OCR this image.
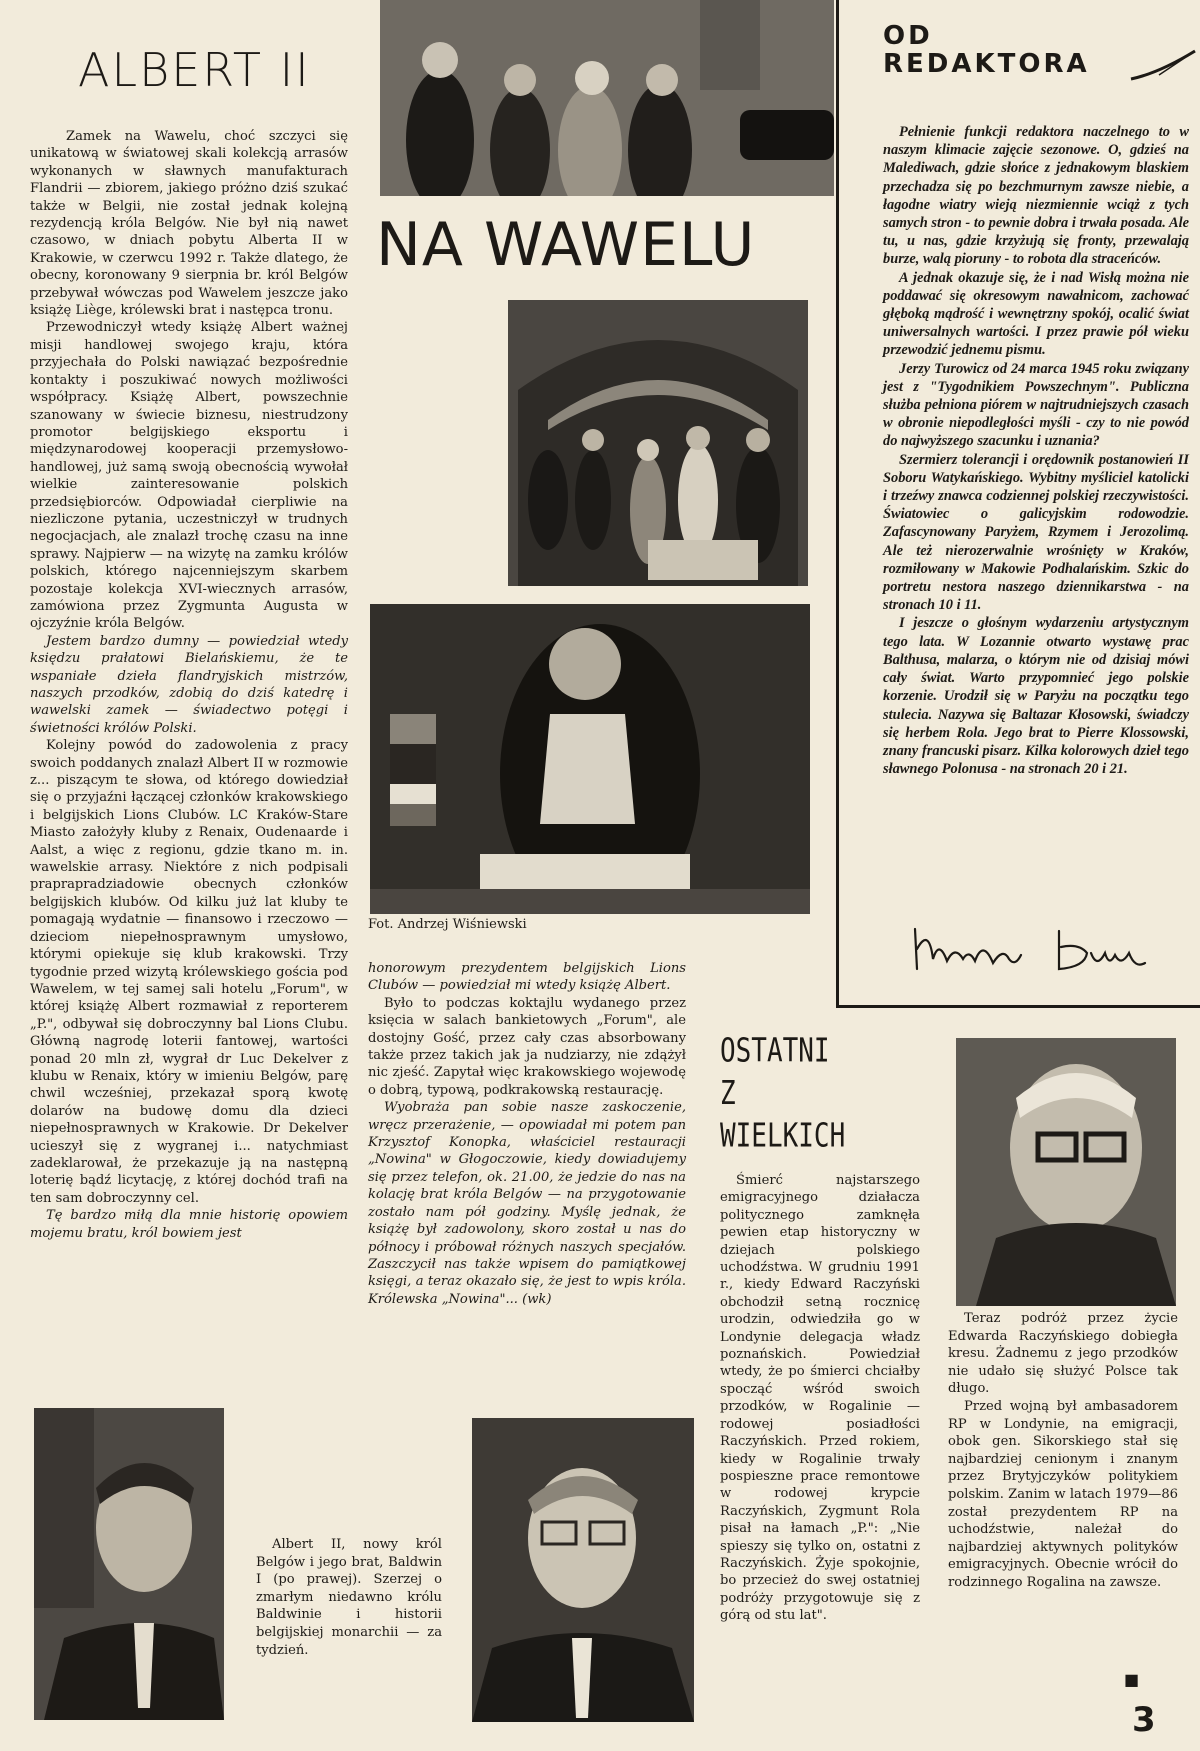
ALBERT II

Zamek na Wawelu, choć szczyci się unikatową w światowej skali kolekcją arrasów wykonanych w sławnych manufakturach Flandrii — zbiorem, jakiego próżno dziś szukać także w Belgii, nie został jednak kolejną rezydencją króla Belgów. Nie był nią nawet czasowo, w dniach pobytu Alberta II w Krakowie, w czerwcu 1992 r. Także dlatego, że obecny, koronowany 9 sierpnia br. król Belgów przebywał wówczas pod Wawelem jeszcze jako książę Liège, królewski brat i następca tronu.

Przewodniczył wtedy książę Albert ważnej misji handlowej swojego kraju, która przyjechała do Polski nawiązać bezpośrednie kontakty i poszukiwać nowych możliwości współpracy. Książę Albert, powszechnie szanowany w świecie biznesu, niestrudzony promotor belgijskiego eksportu i międzynarodowej kooperacji przemysłowo-handlowej, już samą swoją obecnością wywołał wielkie zainteresowanie polskich przedsiębiorców. Odpowiadał cierpliwie na niezliczone pytania, uczestniczył w trudnych negocjacjach, ale znalazł trochę czasu na inne sprawy. Najpierw — na wizytę na zamku królów polskich, którego najcenniejszym skarbem pozostaje kolekcja XVI-wiecznych arrasów, zamówiona przez Zygmunta Augusta w ojczyźnie króla Belgów.

Jestem bardzo dumny — powiedział wtedy księdzu prałatowi Bielańskiemu, że te wspaniałe dzieła flandryjskich mistrzów, naszych przodków, zdobią do dziś katedrę i wawelski zamek — świadectwo potęgi i świetności królów Polski.

Kolejny powód do zadowolenia z pracy swoich poddanych znalazł Albert II w rozmowie z... piszącym te słowa, od którego dowiedział się o przyjaźni łączącej członków krakowskiego i belgijskich Lions Clubów. LC Kraków-Stare Miasto założyły kluby z Renaix, Oudenaarde i Aalst, a więc z regionu, gdzie tkano m. in. wawelskie arrasy. Niektóre z nich podpisali praprapradziadowie obecnych członków belgijskich klubów. Od kilku już lat kluby te pomagają wydatnie — finansowo i rzeczowo — dzieciom niepełnosprawnym umysłowo, którymi opiekuje się klub krakowski. Trzy tygodnie przed wizytą królewskiego gościa pod Wawelem, w tej samej sali hotelu „Forum", w której książę Albert rozmawiał z reporterem „P.", odbywał się dobroczynny bal Lions Clubu. Główną nagrodę loterii fantowej, wartości ponad 20 mln zł, wygrał dr Luc Dekelver z klubu w Renaix, który w imieniu Belgów, parę chwil wcześniej, przekazał sporą kwotę dolarów na budowę domu dla dzieci niepełnosprawnych w Krakowie. Dr Dekelver ucieszył się z wygranej i... natychmiast zadeklarował, że przekazuje ją na następną loterię bądź licytację, z której dochód trafi na ten sam dobroczynny cel.

Tę bardzo miłą dla mnie historię opowiem mojemu bratu, król bowiem jest

NA WAWELU
Fot. Andrzej Wiśniewski

honorowym prezydentem belgijskich Lions Clubów — powiedział mi wtedy książę Albert.

Było to podczas koktajlu wydanego przez księcia w salach bankietowych „Forum", ale dostojny Gość, przez cały czas absorbowany także przez takich jak ja nudziarzy, nie zdążył nic zjeść. Zapytał więc krakowskiego wojewodę o dobrą, typową, podkrakowską restaurację.

Wyobraża pan sobie nasze zaskoczenie, wręcz przerażenie, — opowiadał mi potem pan Krzysztof Konopka, właściciel restauracji „Nowina" w Głogoczowie, kiedy dowiadujemy się przez telefon, ok. 21.00, że jedzie do nas na kolację brat króla Belgów — na przygotowanie zostało nam pół godziny. Myślę jednak, że książę był zadowolony, skoro został u nas do północy i próbował różnych naszych specjałów. Zaszczycił nas także wpisem do pamiątkowej księgi, a teraz okazało się, że jest to wpis króla. Królewska „Nowina"... (wk)

OD
REDAKTORA

Pełnienie funkcji redaktora naczelnego to w naszym klimacie zajęcie sezonowe. O, gdzieś na Malediwach, gdzie słońce z jednakowym blaskiem przechadza się po bezchmurnym zawsze niebie, a łagodne wiatry wieją niezmiennie wciąż z tych samych stron - to pewnie dobra i trwała posada. Ale tu, u nas, gdzie krzyżują się fronty, przewalają burze, walą pioruny - to robota dla straceńców.

A jednak okazuje się, że i nad Wisłą można nie poddawać się okresowym nawałnicom, zachować głęboką mądrość i wewnętrzny spokój, ocalić świat uniwersalnych wartości. I przez prawie pół wieku przewodzić jednemu pismu.

Jerzy Turowicz od 24 marca 1945 roku związany jest z "Tygodnikiem Powszechnym". Publiczna służba pełniona piórem w najtrudniejszych czasach w obronie niepodległości myśli - czy to nie powód do najwyższego szacunku i uznania?

Szermierz tolerancji i orędownik postanowień II Soboru Watykańskiego. Wybitny myśliciel katolicki i trzeźwy znawca codziennej polskiej rzeczywistości. Światowiec o galicyjskim rodowodzie. Zafascynowany Paryżem, Rzymem i Jerozolimą. Ale też nierozerwalnie wrośnięty w Kraków, rozmiłowany w Makowie Podhalańskim. Szkic do portretu nestora naszego dziennikarstwa - na stronach 10 i 11.

I jeszcze o głośnym wydarzeniu artystycznym tego lata. W Lozannie otwarto wystawę prac Balthusa, malarza, o którym nie od dzisiaj mówi cały świat. Warto przypomnieć jego polskie korzenie. Urodził się w Paryżu na początku tego stulecia. Nazywa się Baltazar Kłosowski, świadczy się herbem Rola. Jego brat to Pierre Klossowski, znany francuski pisarz. Kilka kolorowych dzieł tego sławnego Polonusa - na stronach 20 i 21.

OSTATNI
Z
WIELKICH

Śmierć najstarszego emigracyjnego działacza politycznego zamknęła pewien etap historyczny w dziejach polskiego uchodźstwa. W grudniu 1991 r., kiedy Edward Raczyński obchodził setną rocznicę urodzin, odwiedziła go w Londynie delegacja władz poznańskich. Powiedział wtedy, że po śmierci chciałby spocząć wśród swoich przodków, w Rogalinie — rodowej posiadłości Raczyńskich. Przed rokiem, kiedy w Rogalinie trwały pospieszne prace remontowe w rodowej krypcie Raczyńskich, Zygmunt Rola pisał na łamach „P.": „Nie spieszy się tylko on, ostatni z Raczyńskich. Żyje spokojnie, bo przecież do swej ostatniej podróży przygotowuje się z górą od stu lat".

Teraz podróż przez życie Edwarda Raczyńskiego dobiegła kresu. Żadnemu z jego przodków nie udało się służyć Polsce tak długo.

Przed wojną był ambasadorem RP w Londynie, na emigracji, obok gen. Sikorskiego stał się najbardziej cenionym i znanym przez Brytyjczyków politykiem polskim. Zanim w latach 1979—86 został prezydentem RP na uchodźstwie, należał do najbardziej aktywnych polityków emigracyjnych. Obecnie wrócił do rodzinnego Rogalina na zawsze.

■

Albert II, nowy król Belgów i jego brat, Baldwin I (po prawej). Szerzej o zmarłym niedawno królu Baldwinie i historii belgijskiej monarchii — za tydzień.

3
